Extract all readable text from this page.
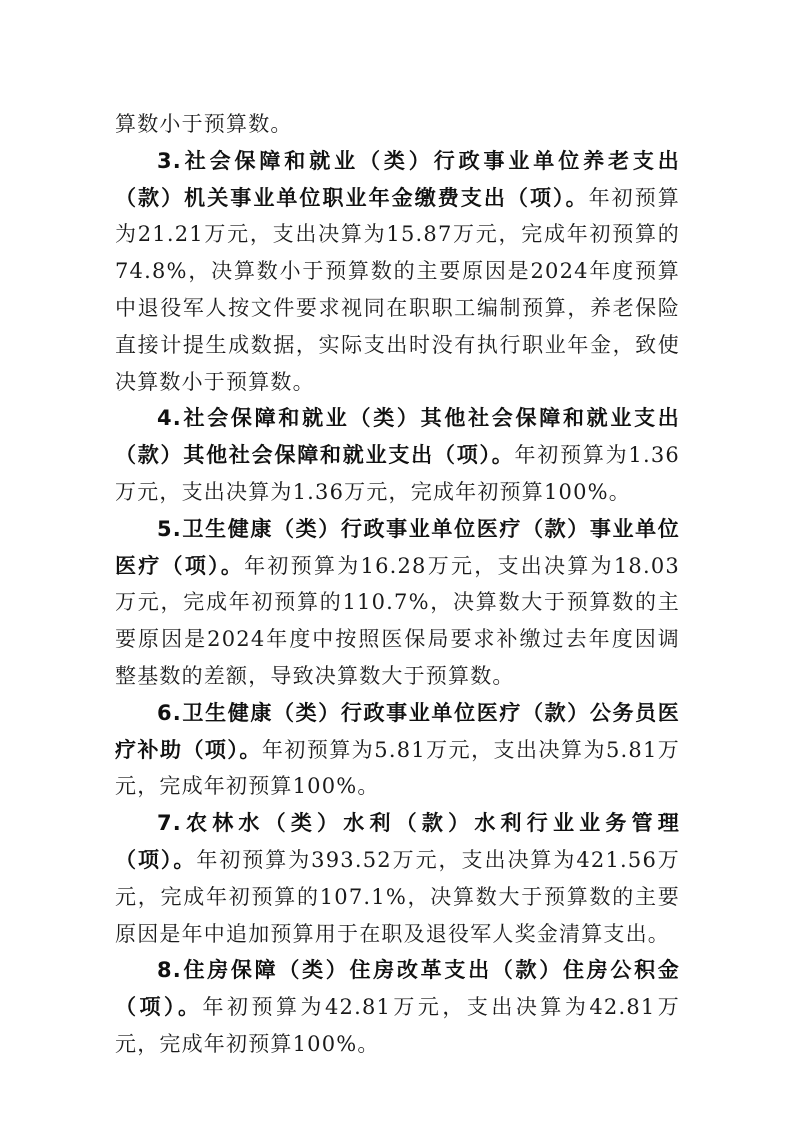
算数小于预算数。

3.社会保障和就业（类）行政事业单位养老支出（款）机关事业单位职业年金缴费支出（项）。年初预算为21.21万元，支出决算为15.87万元，完成年初预算的74.8%，决算数小于预算数的主要原因是2024年度预算中退役军人按文件要求视同在职职工编制预算，养老保险直接计提生成数据，实际支出时没有执行职业年金，致使决算数小于预算数。

4.社会保障和就业（类）其他社会保障和就业支出（款）其他社会保障和就业支出（项）。年初预算为1.36万元，支出决算为1.36万元，完成年初预算100%。

5.卫生健康（类）行政事业单位医疗（款）事业单位医疗（项）。年初预算为16.28万元，支出决算为18.03万元，完成年初预算的110.7%，决算数大于预算数的主要原因是2024年度中按照医保局要求补缴过去年度因调整基数的差额，导致决算数大于预算数。

6.卫生健康（类）行政事业单位医疗（款）公务员医疗补助（项）。年初预算为5.81万元，支出决算为5.81万元，完成年初预算100%。

7.农林水（类）水利（款）水利行业业务管理（项）。年初预算为393.52万元，支出决算为421.56万元，完成年初预算的107.1%，决算数大于预算数的主要原因是年中追加预算用于在职及退役军人奖金清算支出。

8.住房保障（类）住房改革支出（款）住房公积金（项）。年初预算为42.81万元，支出决算为42.81万元，完成年初预算100%。
